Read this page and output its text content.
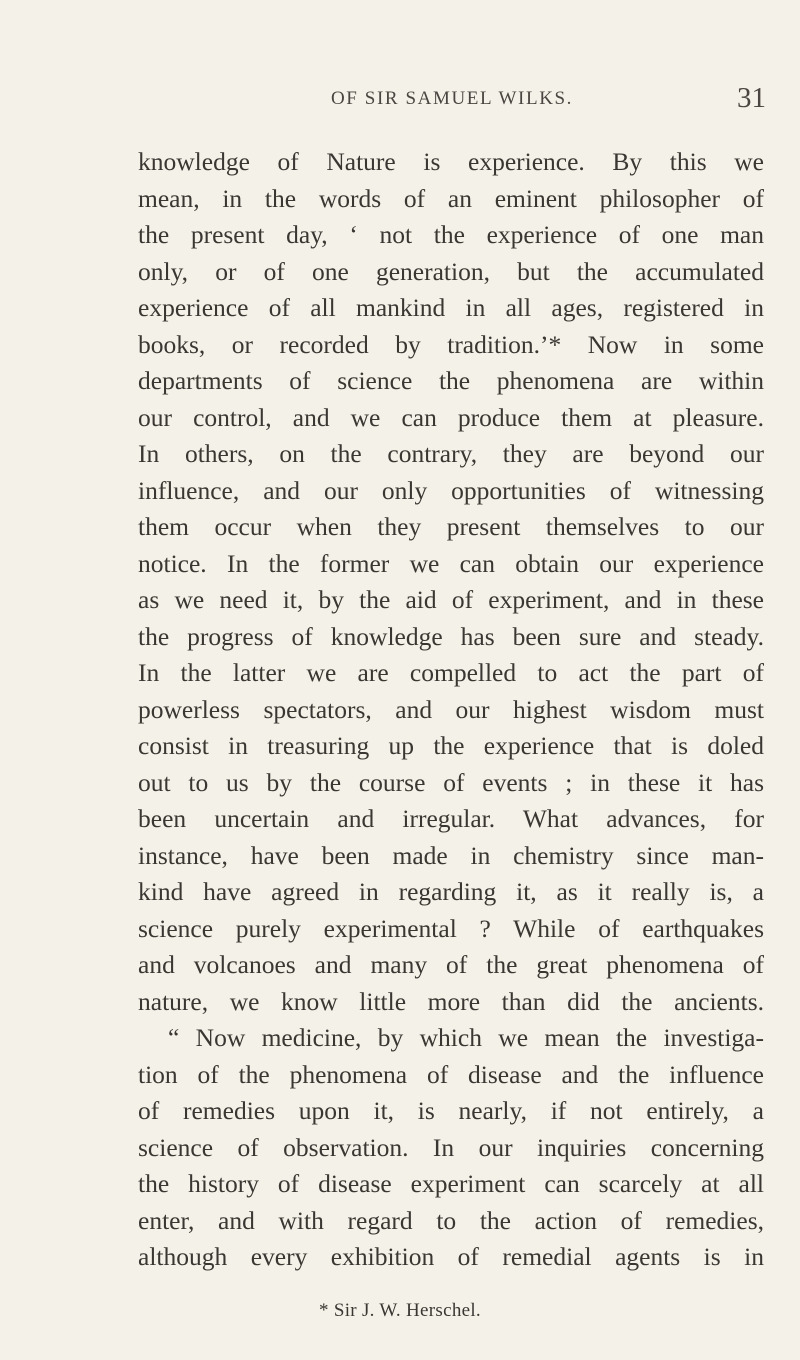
OF SIR SAMUEL WILKS.	31
knowledge of Nature is experience. By this we
mean, in the words of an eminent philosopher of
the present day, ‘ not the experience of one man
only, or of one generation, but the accumulated
experience of all mankind in all ages, registered in
books, or recorded by tradition.’* Now in some
departments of science the phenomena are within
our control, and we can produce them at pleasure.
In others, on the contrary, they are beyond our
influence, and our only opportunities of witnessing
them occur when they present themselves to our
notice. In the former we can obtain our experience
as we need it, by the aid of experiment, and in these
the progress of knowledge has been sure and steady.
In the latter we are compelled to act the part of
powerless spectators, and our highest wisdom must
consist in treasuring up the experience that is doled
out to us by the course of events ; in these it has
been uncertain and irregular. What advances, for
instance, have been made in chemistry since man-
kind have agreed in regarding it, as it really is, a
science purely experimental ? While of earthquakes
and volcanoes and many of the great phenomena of
nature, we know little more than did the ancients.
“ Now medicine, by which we mean the investiga-
tion of the phenomena of disease and the influence
of remedies upon it, is nearly, if not entirely, a
science of observation. In our inquiries concerning
the history of disease experiment can scarcely at all
enter, and with regard to the action of remedies,
although every exhibition of remedial agents is in
* Sir J. W. Herschel.
